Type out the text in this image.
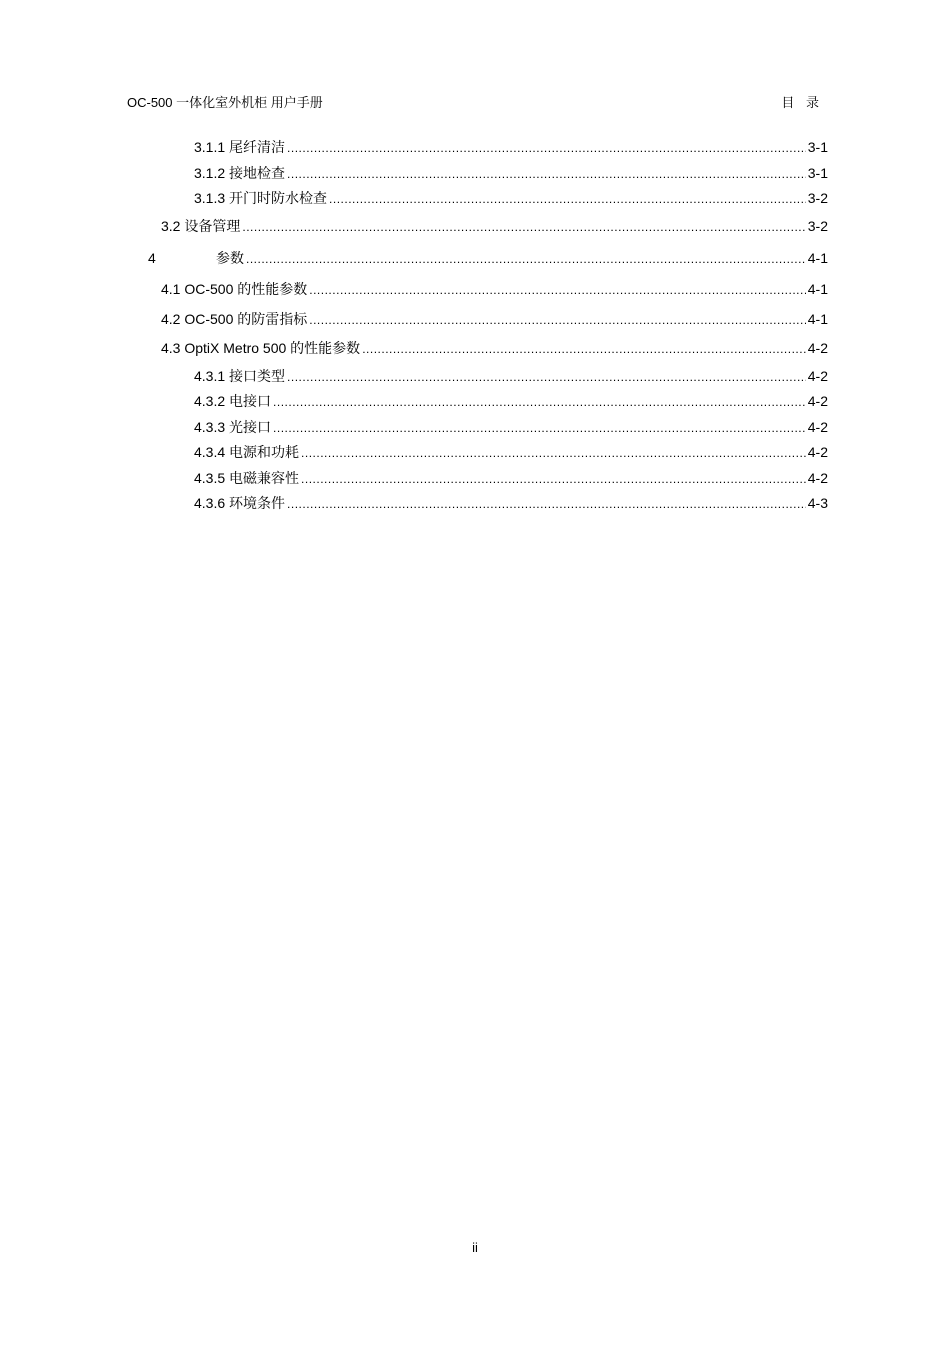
OC-500 一体化室外机柜 用户手册	目 录
3.1.1 尾纤清洁 .....	3-1
3.1.2 接地检查 .....	3-1
3.1.3 开门时防水检查 .....	3-2
3.2 设备管理 .....	3-2
4	参数 .....	4-1
4.1 OC-500 的性能参数 .....	4-1
4.2 OC-500 的防雷指标 .....	4-1
4.3 OptiX Metro 500 的性能参数 .....	4-2
4.3.1 接口类型 .....	4-2
4.3.2 电接口 .....	4-2
4.3.3 光接口 .....	4-2
4.3.4 电源和功耗 .....	4-2
4.3.5 电磁兼容性 .....	4-2
4.3.6 环境条件 .....	4-3
ii
